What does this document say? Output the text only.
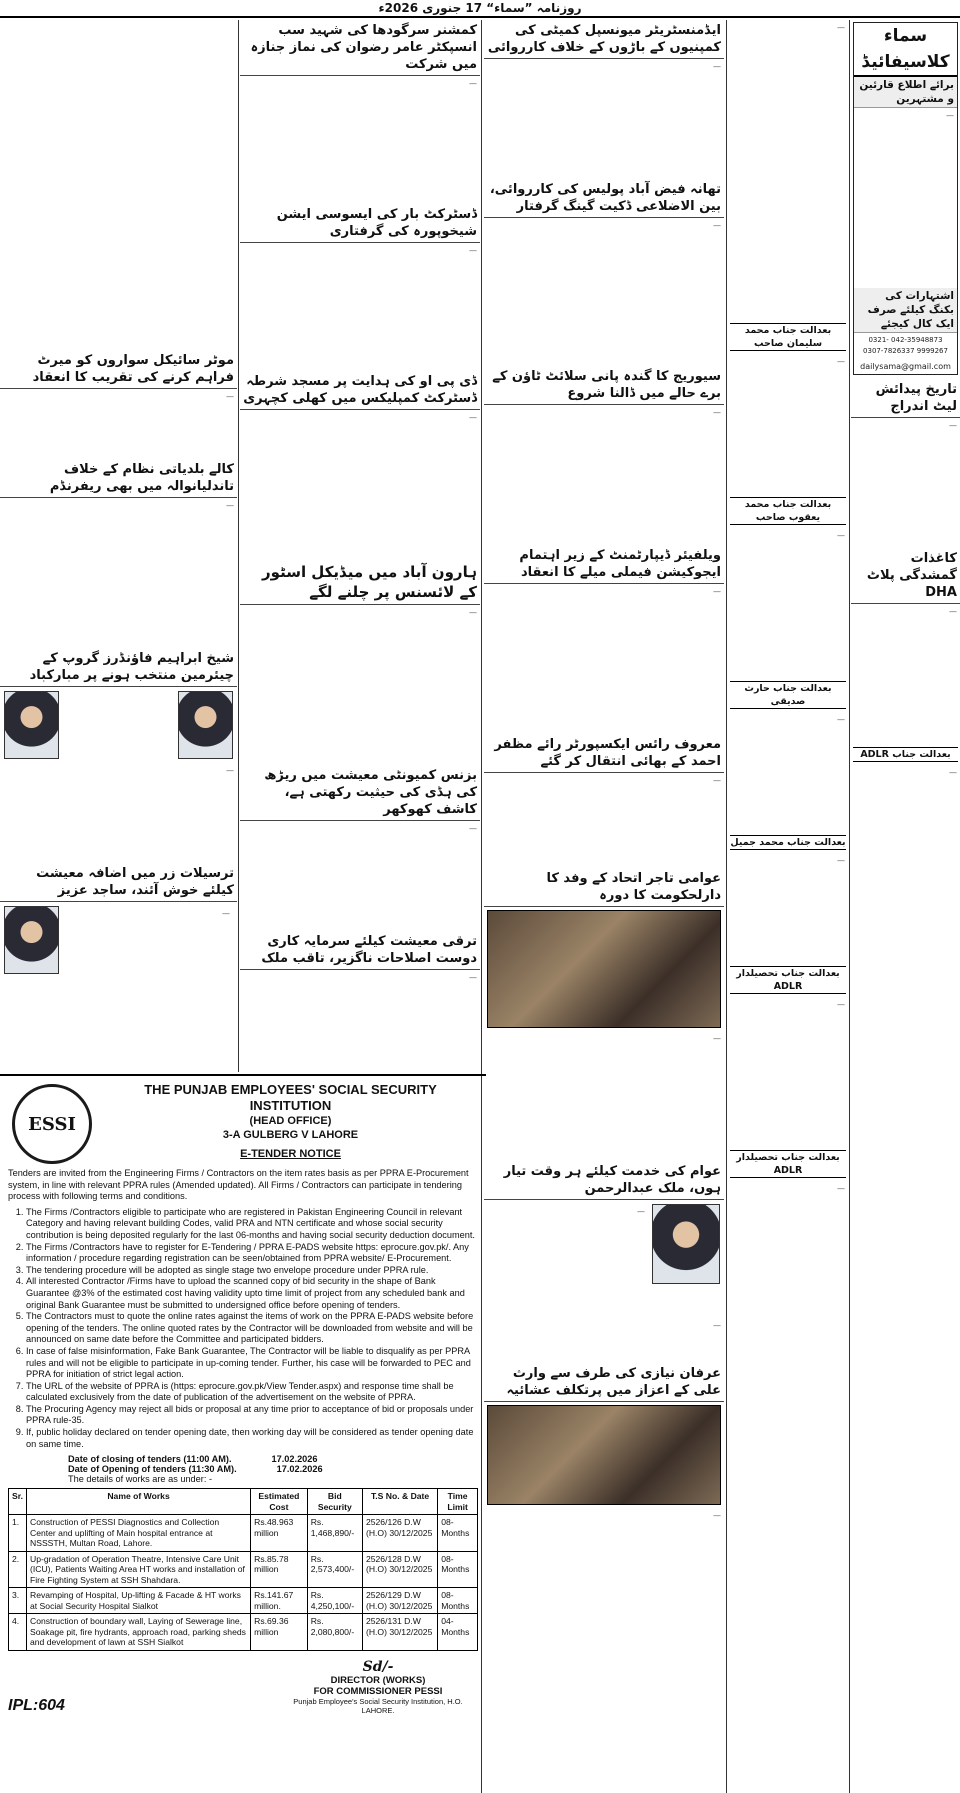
روزنامہ ”سماء“ 17 جنوری 2026ء
موٹر سائیکل سواروں کو میرٹ فراہم کرنے کی تقریب کا انعقاد
—
کالے بلدیاتی نظام کے خلاف تاندلیانوالہ میں بھی ریفرنڈم
—
شیخ ابراہیم فاؤنڈرز گروپ کے چیئرمین منتخب ہونے پر مبارکباد
—
ترسیلات زر میں اضافہ معیشت کیلئے خوش آئند، ساجد عزیز
—
کمشنر سرگودھا کی شہید سب انسپکٹر عامر رضوان کی نماز جنازہ میں شرکت
—
ڈسٹرکٹ بار کی ایسوسی ایشن شیخوپورہ کی گرفتاری
—
ڈی پی او کی ہدایت پر مسجد شرطہ ڈسٹرکٹ کمپلیکس میں کھلی کچہری
—
ہارون آباد میں میڈیکل اسٹور کے لائسنس پر چلنے لگے
—
بزنس کمیونٹی معیشت میں ریڑھ کی ہڈی کی حیثیت رکھتی ہے، کاشف کھوکھر
—
ترقی معیشت کیلئے سرمایہ کاری دوست اصلاحات ناگزیر، تاقب ملک
—
ایڈمنسٹریٹر میونسپل کمیٹی کی کمپنیوں کے باڑوں کے خلاف کارروائی
—
تھانہ فیض آباد پولیس کی کارروائی، بین الاضلاعی ڈکیت گینگ گرفتار
—
سیوریج کا گندہ پانی سلائٹ ٹاؤن کے برے حالے میں ڈالنا شروع
—
ویلفیئر ڈیپارٹمنٹ کے زیر اہتمام ایجوکیشن فیملی میلے کا انعقاد
—
معروف رائس ایکسپورٹر رائے مظفر احمد کے بھائی انتقال کر گئے
—
عوامی تاجر اتحاد کے وفد کا دارلحکومت کا دورہ
—
عوام کی خدمت کیلئے ہر وقت تیار ہوں، ملک عبدالرحمن
—
—
عرفان نیازی کی طرف سے وارث علی کے اعزاز میں پرتکلف عشائیہ
—
—
بعدالت جناب محمد سلیمان صاحب
—
بعدالت جناب محمد یعقوب صاحب
—
بعدالت جناب حارث صدیقی
—
بعدالت جناب محمد جمیل
—
بعدالت جناب تحصیلدار ADLR
—
بعدالت جناب تحصیلدار ADLR
—
سماء کلاسیفائیڈ
برائے اطلاع قارئین و مشتہرین
—
اشتہارات کی بکنگ کیلئے صرف ایک کال کیجئے
042-35948873 0321-9999267 0307-7826337
dailysama@gmail.com
تاریخ پیدائش لیٹ اندراج
—
کاغذات گمشدگی پلاٹ DHA
—
بعدالت جناب ADLR
—
ESSI
THE PUNJAB EMPLOYEES' SOCIAL SECURITY INSTITUTION
(HEAD OFFICE)
3-A GULBERG V LAHORE
E-TENDER NOTICE

Tenders are invited from the Engineering Firms / Contractors on the item rates basis as per PPRA E-Procurement system, in line with relevant PPRA rules (Amended updated). All Firms / Contractors can participate in tendering process with following terms and conditions.

1. The Firms /Contractors eligible to participate who are registered in Pakistan Engineering Council in relevant Category and having relevant building Codes, valid PRA and NTN certificate and whose social security contribution is being deposited regularly for the last 06-months and having social security deduction document.
2. The Firms /Contractors have to register for E-Tendering / PPRA E-PADS website https: eprocure.gov.pk/. Any information / procedure regarding registration can be seen/obtained from PPRA website/ E-Procurement.
3. The tendering procedure will be adopted as single stage two envelope procedure under PPRA rule.
4. All interested Contractor /Firms have to upload the scanned copy of bid security in the shape of Bank Guarantee @3% of the estimated cost having validity upto time limit of project from any scheduled bank and original Bank Guarantee must be submitted to undersigned office before opening of tenders.
5. The Contractors must to quote the online rates against the items of work on the PPRA E-PADS website before opening of the tenders. The online quoted rates by the Contractor will be downloaded from website and will be announced on same date before the Committee and participated bidders.
6. In case of false misinformation, Fake Bank Guarantee, The Contractor will be liable to disqualify as per PPRA rules and will not be eligible to participate in up-coming tender. Further, his case will be forwarded to PEC and PPRA for initiation of strict legal action.
7. The URL of the website of PPRA is (https: eprocure.gov.pk/View Tender.aspx) and response time shall be calculated exclusively from the date of publication of the advertisement on the website of PPRA.
8. The Procuring Agency may reject all bids or proposal at any time prior to acceptance of bid or proposals under PPRA rule-35.
9. If, public holiday declared on tender opening date, then working day will be considered as tender opening date on same time.
Date of closing of tenders (11:00 AM).	17.02.2026
Date of Opening of tenders (11:30 AM).	17.02.2026
The details of works are as under: -
Sr.	Name of Works	Estimated Cost	Bid Security	T.S No. & Date	Time Limit
1.	Construction of PESSI Diagnostics and Collection Center and uplifting of Main hospital entrance at NSSSTH, Multan Road, Lahore.	Rs.48.963 million	Rs. 1,468,890/-	2526/126 D.W (H.O) 30/12/2025	08-Months
2.	Up-gradation of Operation Theatre, Intensive Care Unit (ICU), Patients Waiting Area HT works and installation of Fire Fighting System at SSH Shahdara.	Rs.85.78 million	Rs. 2,573,400/-	2526/128 D.W (H.O) 30/12/2025	08-Months
3.	Revamping of Hospital, Up-lifting & Facade & HT works at Social Security Hospital Sialkot	Rs.141.67 million.	Rs. 4,250,100/-	2526/129 D.W (H.O) 30/12/2025	08-Months
4.	Construction of boundary wall, Laying of Sewerage line, Soakage pit, fire hydrants, approach road, parking sheds and development of lawn at SSH Sialkot	Rs.69.36 million	Rs. 2,080,800/-	2526/131 D.W (H.O) 30/12/2025	04-Months
IPL:604
Sd/-
DIRECTOR (WORKS)
FOR COMMISSIONER PESSI
Punjab Employee's Social Security Institution, H.O. LAHORE.
